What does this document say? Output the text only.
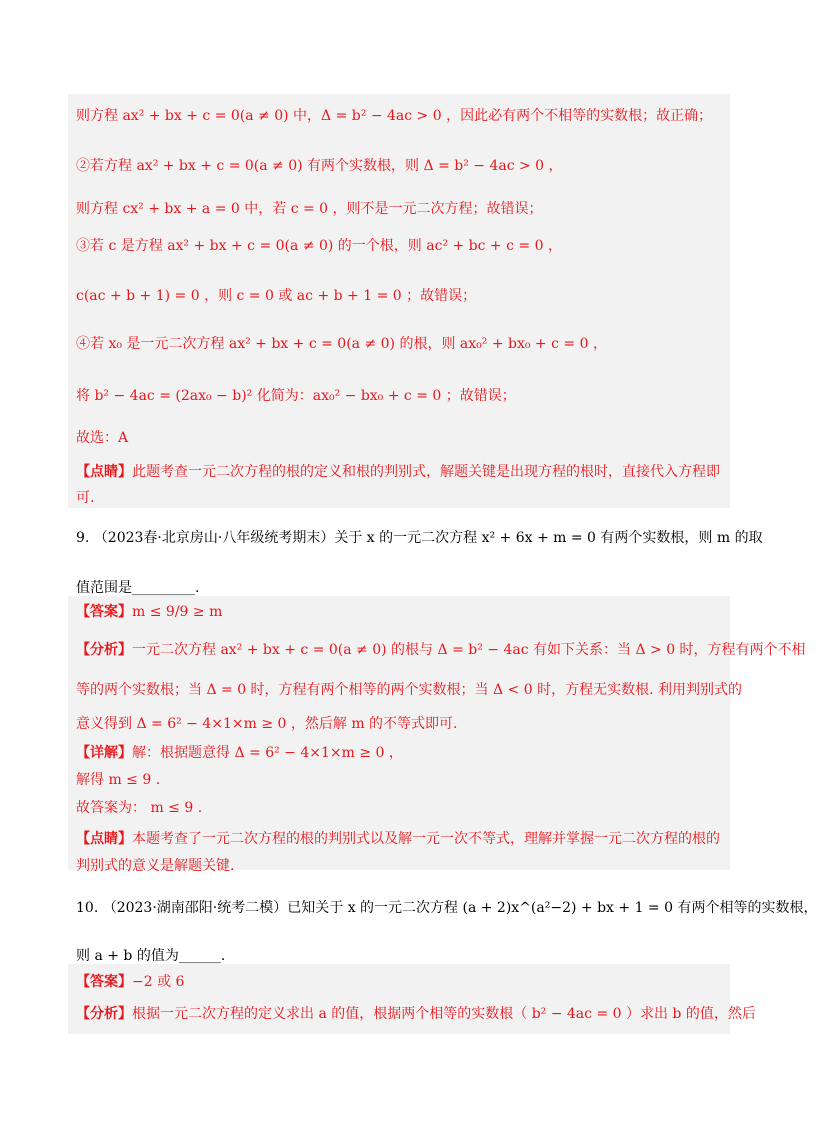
则方程 ax² + bx + c = 0(a ≠ 0) 中，Δ = b² − 4ac > 0 ，因此必有两个不相等的实数根；故正确；
②若方程 ax² + bx + c = 0(a ≠ 0) 有两个实数根，则 Δ = b² − 4ac > 0 ，
则方程 cx² + bx + a = 0 中，若 c = 0 ，则不是一元二次方程；故错误；
③若 c 是方程 ax² + bx + c = 0(a ≠ 0) 的一个根，则 ac² + bc + c = 0 ，
c(ac + b + 1) = 0 ，则 c = 0 或 ac + b + 1 = 0 ；故错误；
④若 x₀ 是一元二次方程 ax² + bx + c = 0(a ≠ 0) 的根，则 ax₀² + bx₀ + c = 0 ，
将 b² − 4ac = (2ax₀ − b)² 化简为：ax₀² − bx₀ + c = 0 ；故错误；
故选：A
【点睛】此题考查一元二次方程的根的定义和根的判别式，解题关键是出现方程的根时，直接代入方程即
可.
9. （2023春·北京房山·八年级统考期末）关于 x 的一元二次方程 x² + 6x + m = 0 有两个实数根，则 m 的取
值范围是_________.
【答案】m ≤ 9/9 ≥ m
【分析】一元二次方程 ax² + bx + c = 0(a ≠ 0) 的根与 Δ = b² − 4ac 有如下关系：当 Δ > 0 时，方程有两个不相
等的两个实数根；当 Δ = 0 时，方程有两个相等的两个实数根；当 Δ < 0 时，方程无实数根. 利用判别式的
意义得到 Δ = 6² − 4×1×m ≥ 0 ，然后解 m 的不等式即可.
【详解】解：根据题意得 Δ = 6² − 4×1×m ≥ 0 ，
解得 m ≤ 9 .
故答案为： m ≤ 9 .
【点睛】本题考查了一元二次方程的根的判别式以及解一元一次不等式，理解并掌握一元二次方程的根的
判别式的意义是解题关键.
10. （2023·湖南邵阳·统考二模）已知关于 x 的一元二次方程 (a + 2)x^(a²−2) + bx + 1 = 0 有两个相等的实数根，
则 a + b 的值为______.
【答案】−2 或 6
【分析】根据一元二次方程的定义求出 a 的值，根据两个相等的实数根（ b² − 4ac = 0 ）求出 b 的值，然后
